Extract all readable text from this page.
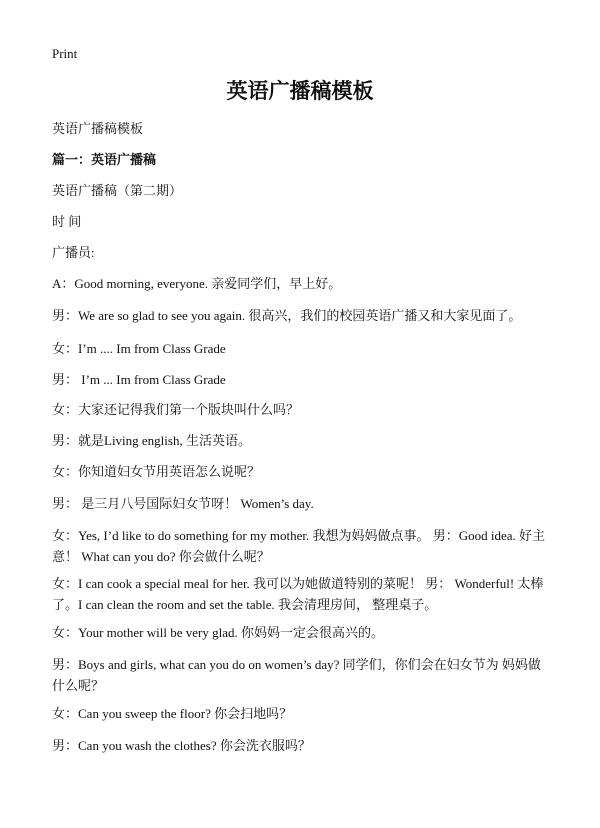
Print
英语广播稿模板
英语广播稿模板
篇一：英语广播稿
英语广播稿（第二期）
时 间
广播员:
A：Good morning, everyone. 亲爱同学们，早上好。
男：We are so glad to see you again. 很高兴，我们的校园英语广播又和大家见面了。
女：I’m .... Im from Class Grade
男： I’m ... Im from Class Grade
女：大家还记得我们第一个版块叫什么吗？
男：就是Living english, 生活英语。
女：你知道妇女节用英语怎么说呢？
男： 是三月八号国际妇女节呀！ Women’s day.
女：Yes, I’d like to do something for my mother. 我想为妈妈做点事。 男：Good idea. 好主意！ What can you do? 你会做什么呢？
女：I can cook a special meal for her. 我可以为她做道特别的菜呢！ 男： Wonderful! 太棒了。I can clean the room and set the table. 我会清理房间， 整理桌子。
女：Your mother will be very glad. 你妈妈一定会很高兴的。
男：Boys and girls, what can you do on women’s day? 同学们，你们会在妇女节为 妈妈做什么呢？
女：Can you sweep the floor? 你会扫地吗？
男：Can you wash the clothes? 你会洗衣服吗？
